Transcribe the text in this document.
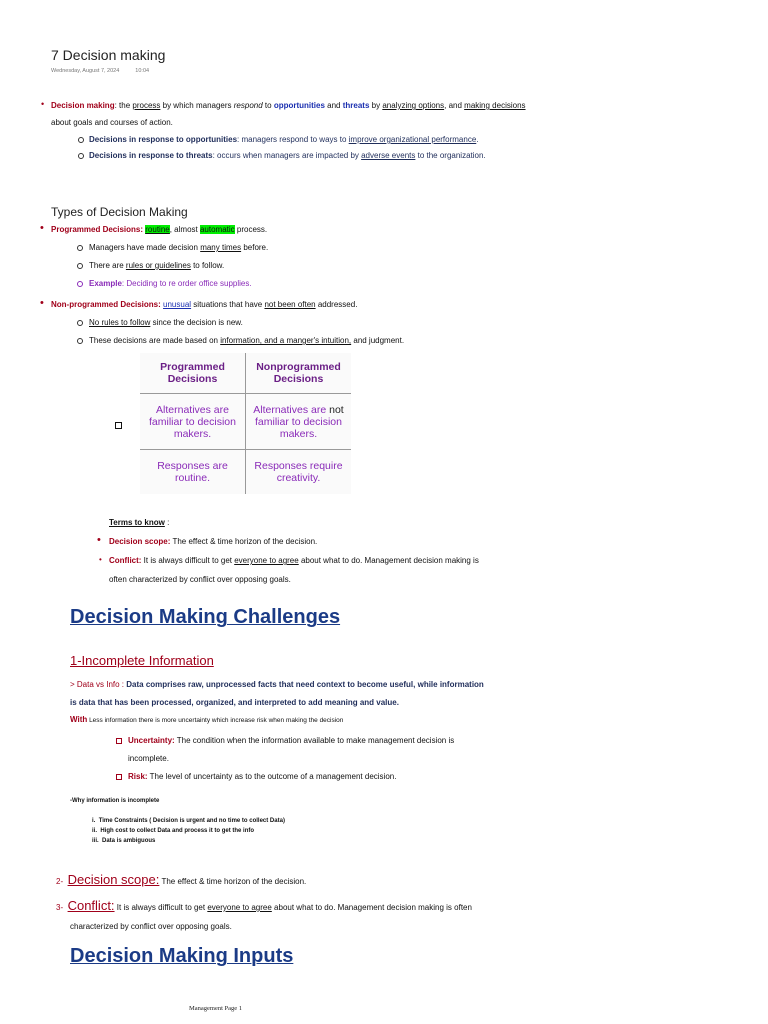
7 Decision making
Wednesday, August 7, 2024	10:04
• Decision making: the process by which managers respond to opportunities and threats by analyzing options, and making decisions
about goals and courses of action.
Decisions in response to opportunities: managers respond to ways to improve organizational performance.
Decisions in response to threats: occurs when managers are impacted by adverse events to the organization.
Types of Decision Making
• Programmed Decisions: routine, almost automatic process.
Managers have made decision many times before.
There are rules or guidelines to follow.
Example: Deciding to re order office supplies.
• Non-programmed Decisions: unusual situations that have not been often addressed.
No rules to follow since the decision is new.
These decisions are made based on information, and a manger's intuition, and judgment.
Programmed Decisions	Nonprogrammed Decisions
Alternatives are familiar to decision makers.	Alternatives are not familiar to decision makers.
Responses are routine.	Responses require creativity.
Terms to know :
• Decision scope: The effect & time horizon of the decision.
• Conflict: It is always difficult to get everyone to agree about what to do. Management decision making is
often characterized by conflict over opposing goals.
Decision Making Challenges
1-Incomplete Information
> Data vs Info : Data comprises raw, unprocessed facts that need context to become useful, while information
is data that has been processed, organized, and interpreted to add meaning and value.
With Less information there is more uncertainty which increase risk when making the decision
Uncertainty: The condition when the information available to make management decision is
incomplete.
Risk: The level of uncertainty as to the outcome of a management decision.
-Why information is incomplete
i. Time Constraints ( Decision is urgent and no time to collect Data)
ii. High cost to collect Data and process it to get the info
iii. Data is ambiguous
2- Decision scope: The effect & time horizon of the decision.
3- Conflict: It is always difficult to get everyone to agree about what to do. Management decision making is often
characterized by conflict over opposing goals.
Decision Making Inputs
Management Page 1
